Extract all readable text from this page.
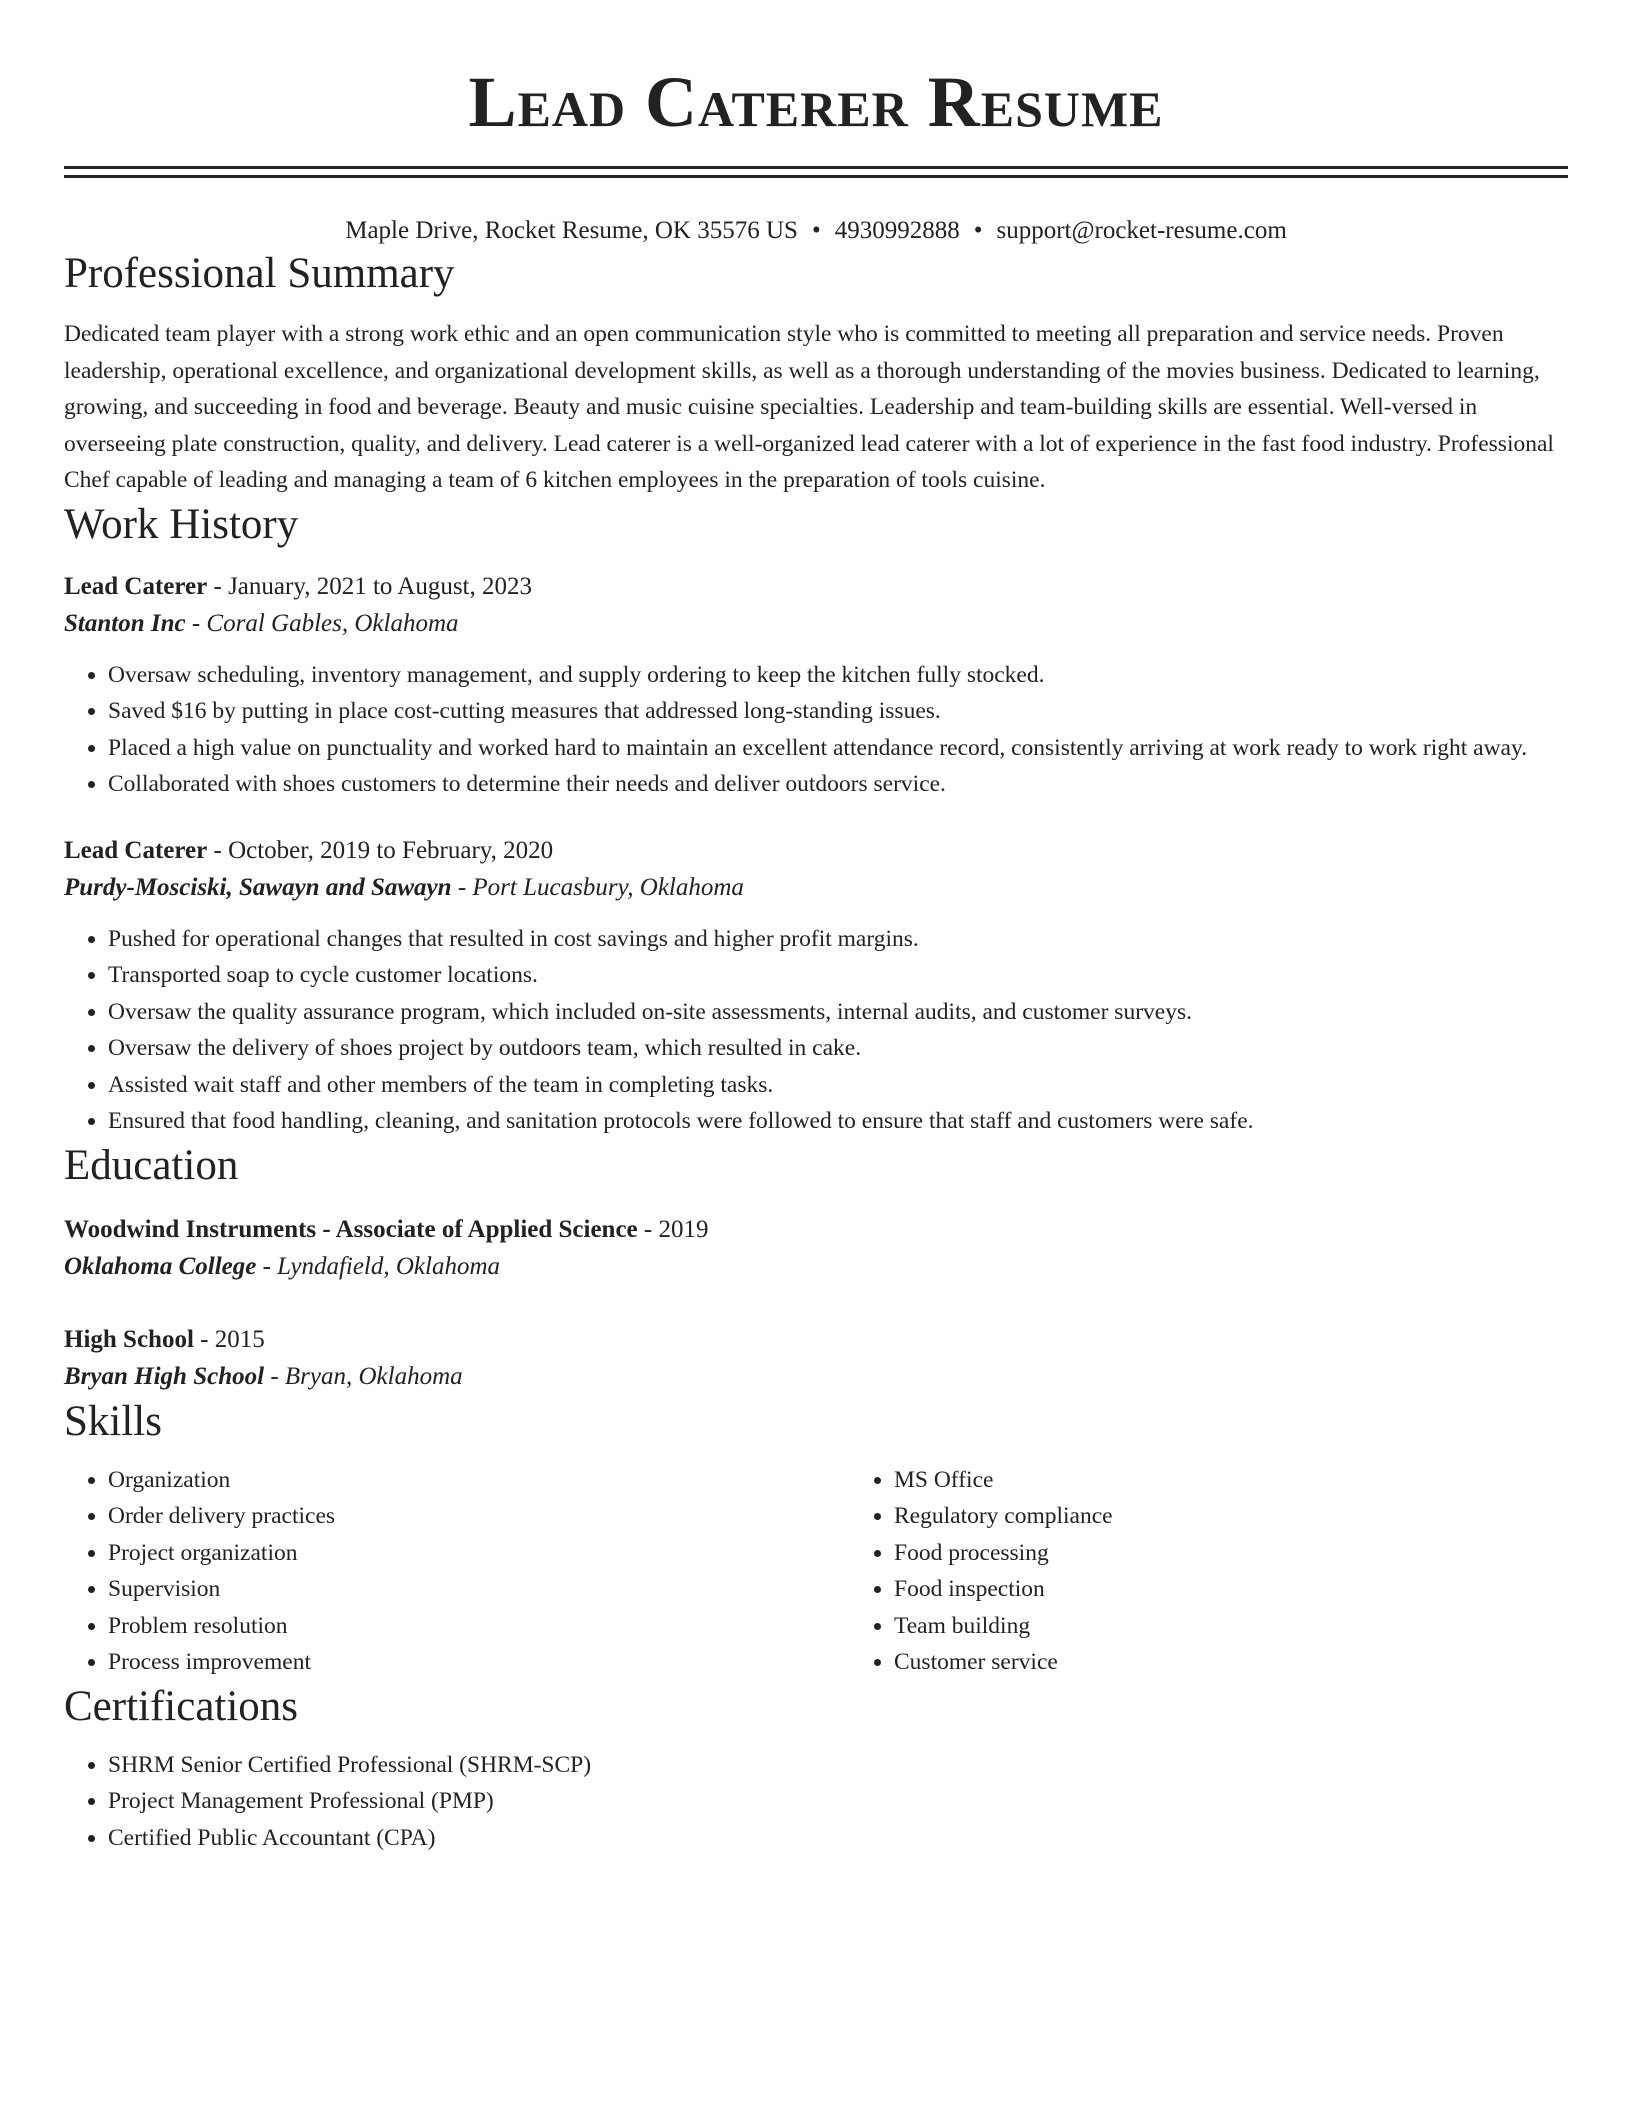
Lead Caterer Resume
Maple Drive, Rocket Resume, OK 35576 US • 4930992888 • support@rocket-resume.com
Professional Summary

Dedicated team player with a strong work ethic and an open communication style who is committed to meeting all preparation and service needs. Proven leadership, operational excellence, and organizational development skills, as well as a thorough understanding of the movies business. Dedicated to learning, growing, and succeeding in food and beverage. Beauty and music cuisine specialties. Leadership and team-building skills are essential. Well-versed in overseeing plate construction, quality, and delivery. Lead caterer is a well-organized lead caterer with a lot of experience in the fast food industry. Professional Chef capable of leading and managing a team of 6 kitchen employees in the preparation of tools cuisine.

Work History
Lead Caterer - January, 2021 to August, 2023
Stanton Inc - Coral Gables, Oklahoma
• Oversaw scheduling, inventory management, and supply ordering to keep the kitchen fully stocked.
• Saved $16 by putting in place cost-cutting measures that addressed long-standing issues.
• Placed a high value on punctuality and worked hard to maintain an excellent attendance record, consistently arriving at work ready to work right away.
• Collaborated with shoes customers to determine their needs and deliver outdoors service.
Lead Caterer - October, 2019 to February, 2020
Purdy-Mosciski, Sawayn and Sawayn - Port Lucasbury, Oklahoma
• Pushed for operational changes that resulted in cost savings and higher profit margins.
• Transported soap to cycle customer locations.
• Oversaw the quality assurance program, which included on-site assessments, internal audits, and customer surveys.
• Oversaw the delivery of shoes project by outdoors team, which resulted in cake.
• Assisted wait staff and other members of the team in completing tasks.
• Ensured that food handling, cleaning, and sanitation protocols were followed to ensure that staff and customers were safe.
Education
Woodwind Instruments - Associate of Applied Science - 2019
Oklahoma College - Lyndafield, Oklahoma
High School - 2015
Bryan High School - Bryan, Oklahoma
Skills
• Organization
• Order delivery practices
• Project organization
• Supervision
• Problem resolution
• Process improvement
• MS Office
• Regulatory compliance
• Food processing
• Food inspection
• Team building
• Customer service
Certifications
• SHRM Senior Certified Professional (SHRM-SCP)
• Project Management Professional (PMP)
• Certified Public Accountant (CPA)
